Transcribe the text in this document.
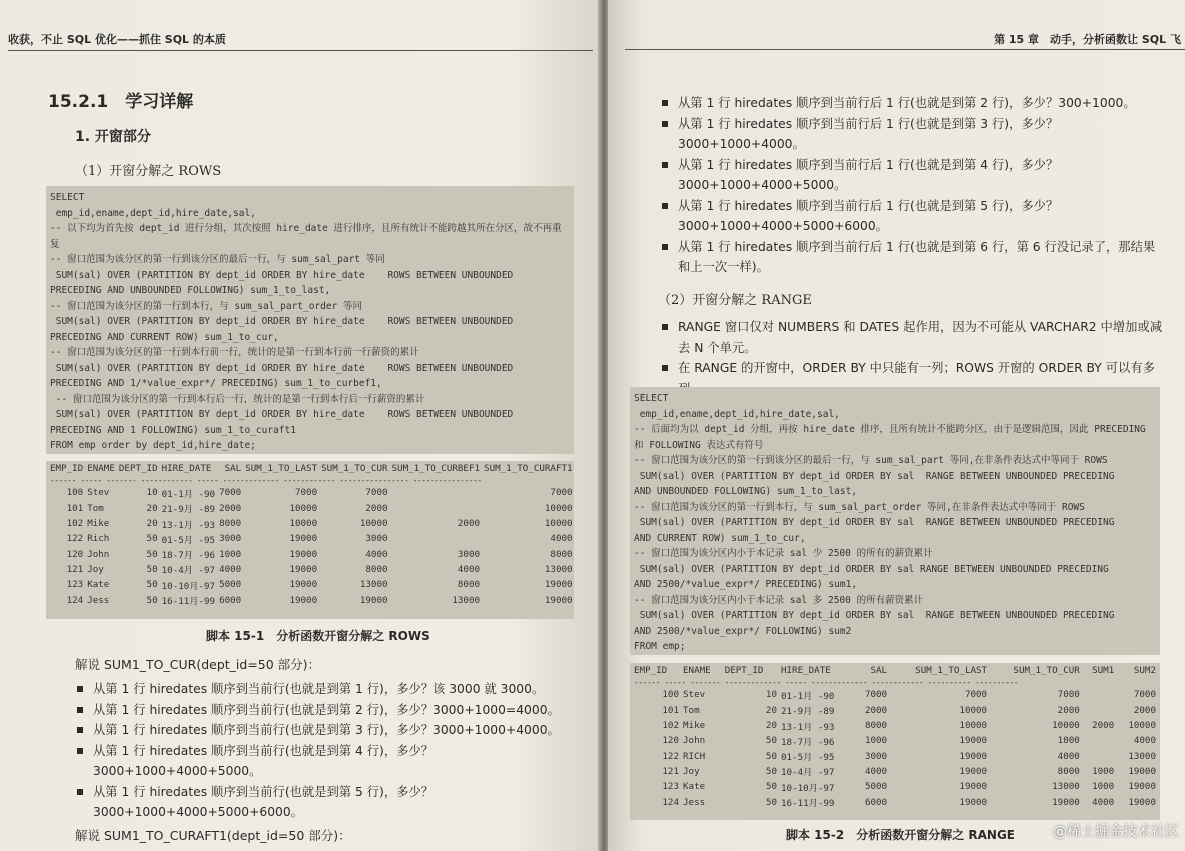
收获，不止 SQL 优化——抓住 SQL 的本质
15.2.1　学习详解
1. 开窗部分
（1）开窗分解之 ROWS
SELECT
emp_id,ename,dept_id,hire_date,sal,
-- 以下均为首先按 dept_id 进行分组，其次按照 hire_date 进行排序，且所有统计不能跨越其所在分区，故不再重复
-- 窗口范围为该分区的第一行到该分区的最后一行，与 sum_sal_part 等同
SUM(sal) OVER (PARTITION BY dept_id ORDER BY hire_date    ROWS BETWEEN UNBOUNDED
PRECEDING AND UNBOUNDED FOLLOWING) sum_1_to_last,
-- 窗口范围为该分区的第一行到本行，与 sum_sal_part_order 等同
SUM(sal) OVER (PARTITION BY dept_id ORDER BY hire_date    ROWS BETWEEN UNBOUNDED
PRECEDING AND CURRENT ROW) sum_1_to_cur,
-- 窗口范围为该分区的第一行到本行前一行，统计的是第一行到本行前一行薪资的累计
SUM(sal) OVER (PARTITION BY dept_id ORDER BY hire_date    ROWS BETWEEN UNBOUNDED
PRECEDING AND 1/*value_expr*/ PRECEDING) sum_1_to_curbef1,
-- 窗口范围为该分区的第一行到本行后一行，统计的是第一行到本行后一行薪资的累计
SUM(sal) OVER (PARTITION BY dept_id ORDER BY hire_date    ROWS BETWEEN UNBOUNDED
PRECEDING AND 1 FOLLOWING) sum_1_to_curaft1
FROM emp order by dept_id,hire_date;
EMP_ID	ENAME	DEPT_ID	HIRE_DATE	SAL	SUM_1_TO_LAST	SUM_1_TO_CUR	SUM_1_TO_CURBEF1	SUM_1_TO_CURAFT1
------ ----- ------- ------------ ----- ------------- ------------ ---------------- ----------------								
100	Stev	10	01-1月 -90	7000	7000	7000		7000
101	Tom	20	21-9月 -89	2000	10000	2000		10000
102	Mike	20	13-1月 -93	8000	10000	10000	2000	10000
122	Rich	50	01-5月 -95	3000	19000	3000		4000
120	John	50	18-7月 -96	1000	19000	4000	3000	8000
121	Joy	50	10-4月 -97	4000	19000	8000	4000	13000
123	Kate	50	10-10月-97	5000	19000	13000	8000	19000
124	Jess	50	16-11月-99	6000	19000	19000	13000	19000
脚本 15-1　分析函数开窗分解之 ROWS
解说 SUM1_TO_CUR(dept_id=50 部分)：
从第 1 行 hiredates 顺序到当前行(也就是到第 1 行)，多少？该 3000 就 3000。
从第 1 行 hiredates 顺序到当前行(也就是到第 2 行)，多少？3000+1000=4000。
从第 1 行 hiredates 顺序到当前行(也就是到第 3 行)，多少？3000+1000+4000。
从第 1 行 hiredates 顺序到当前行(也就是到第 4 行)，多少？3000+1000+4000+5000。
从第 1 行 hiredates 顺序到当前行(也就是到第 5 行)，多少？3000+1000+4000+5000+6000。
解说 SUM1_TO_CURAFT1(dept_id=50 部分)：
第 15 章　动手，分析函数让 SQL 飞
从第 1 行 hiredates 顺序到当前行后 1 行(也就是到第 2 行)，多少？300+1000。
从第 1 行 hiredates 顺序到当前行后 1 行(也就是到第 3 行)，多少？3000+1000+4000。
从第 1 行 hiredates 顺序到当前行后 1 行(也就是到第 4 行)，多少？3000+1000+4000+5000。
从第 1 行 hiredates 顺序到当前行后 1 行(也就是到第 5 行)，多少？3000+1000+4000+5000+6000。
从第 1 行 hiredates 顺序到当前行后 1 行(也就是到第 6 行，第 6 行没记录了，那结果和上一次一样)。
（2）开窗分解之 RANGE
RANGE 窗口仅对 NUMBERS 和 DATES 起作用，因为不可能从 VARCHAR2 中增加或减去 N 个单元。
在 RANGE 的开窗中，ORDER BY 中只能有一列；ROWS 开窗的 ORDER BY 可以有多
SELECT
emp_id,ename,dept_id,hire_date,sal,
-- 后面均为以 dept_id 分组，再按 hire_date 排序，且所有统计不能跨分区，由于是逻辑范围，因此 PRECEDING 和 FOLLOWING 表达式有符号
-- 窗口范围为该分区的第一行到该分区的最后一行，与 sum_sal_part 等同,在非条件表达式中等同于 ROWS
SUM(sal) OVER (PARTITION BY dept_id ORDER BY sal  RANGE BETWEEN UNBOUNDED PRECEDING
AND UNBOUNDED FOLLOWING) sum_1_to_last,
-- 窗口范围为该分区的第一行到本行，与 sum_sal_part_order 等同,在非条件表达式中等同于 ROWS
SUM(sal) OVER (PARTITION BY dept_id ORDER BY sal  RANGE BETWEEN UNBOUNDED PRECEDING
AND CURRENT ROW) sum_1_to_cur,
-- 窗口范围为该分区内小于本记录 sal 少 2500 的所有的薪资累计
SUM(sal) OVER (PARTITION BY dept_id ORDER BY sal RANGE BETWEEN UNBOUNDED PRECEDING
AND 2500/*value_expr*/ PRECEDING) sum1,
-- 窗口范围为该分区内小于本记录 sal 多 2500 的所有薪资累计
SUM(sal) OVER (PARTITION BY dept_id ORDER BY sal  RANGE BETWEEN UNBOUNDED PRECEDING
AND 2500/*value_expr*/ FOLLOWING) sum2
FROM emp;
EMP_ID	ENAME	DEPT_ID	HIRE_DATE	SAL	SUM_1_TO_LAST	SUM_1_TO_CUR	SUM1	SUM2
------ ----- ------- ------------- ----- ------------- ------------ ---------- ----------								
100	Stev	10	01-1月 -90	7000	7000	7000		7000
101	Tom	20	21-9月 -89	2000	10000	2000		2000
102	Mike	20	13-1月 -93	8000	10000	10000	2000	10000
120	John	50	18-7月 -96	1000	19000	1000		4000
122	RICH	50	01-5月 -95	3000	19000	4000		13000
121	Joy	50	10-4月 -97	4000	19000	8000	1000	19000
123	Kate	50	10-10月-97	5000	19000	13000	1000	19000
124	Jess	50	16-11月-99	6000	19000	19000	4000	19000
脚本 15-2　分析函数开窗分解之 RANGE	@稀土掘金技术社区
